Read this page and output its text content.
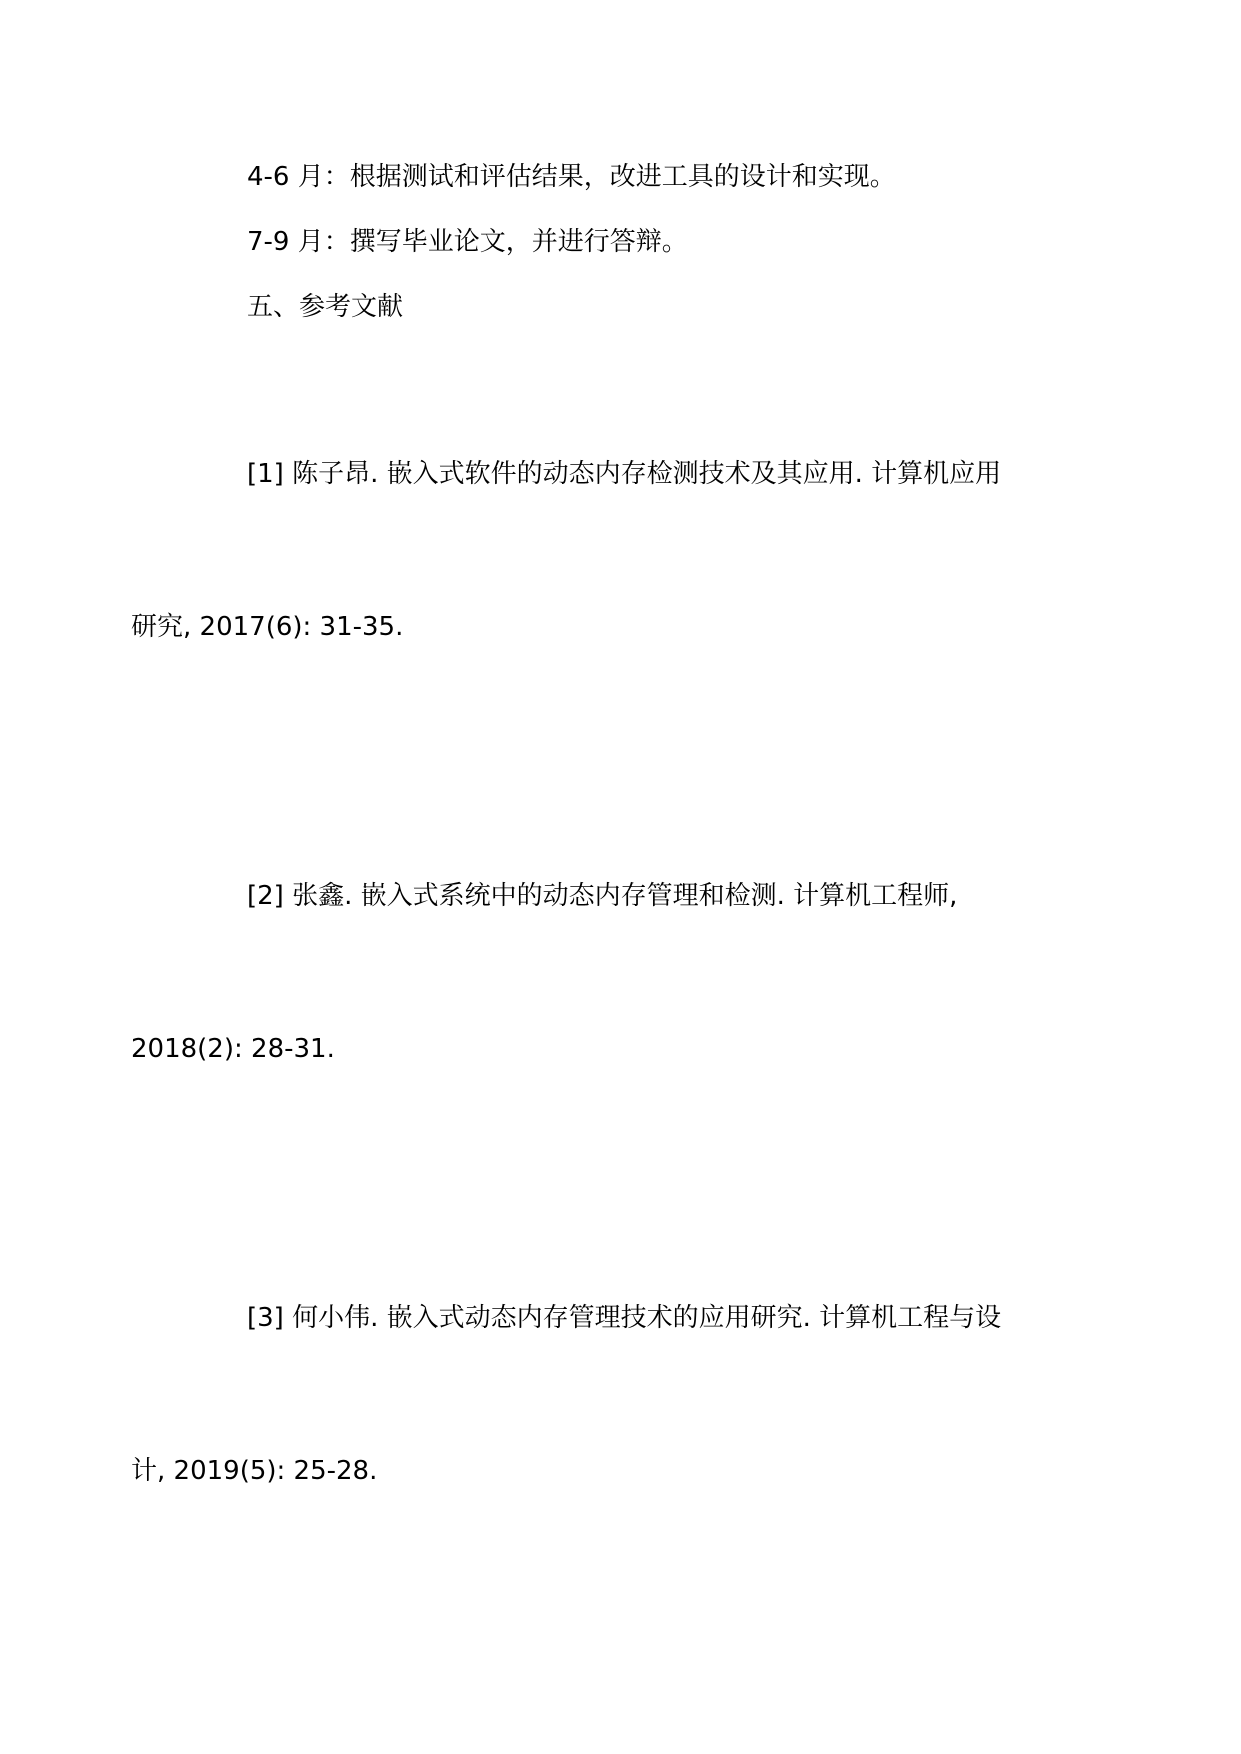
4-6 月：根据测试和评估结果，改进工具的设计和实现。

7-9 月：撰写毕业论文，并进行答辩。

五、参考文献

[1] 陈子昂. 嵌入式软件的动态内存检测技术及其应用. 计算机应用

研究, 2017(6): 31-35.

[2] 张鑫. 嵌入式系统中的动态内存管理和检测. 计算机工程师,

2018(2): 28-31.

[3] 何小伟. 嵌入式动态内存管理技术的应用研究. 计算机工程与设

计, 2019(5): 25-28.
